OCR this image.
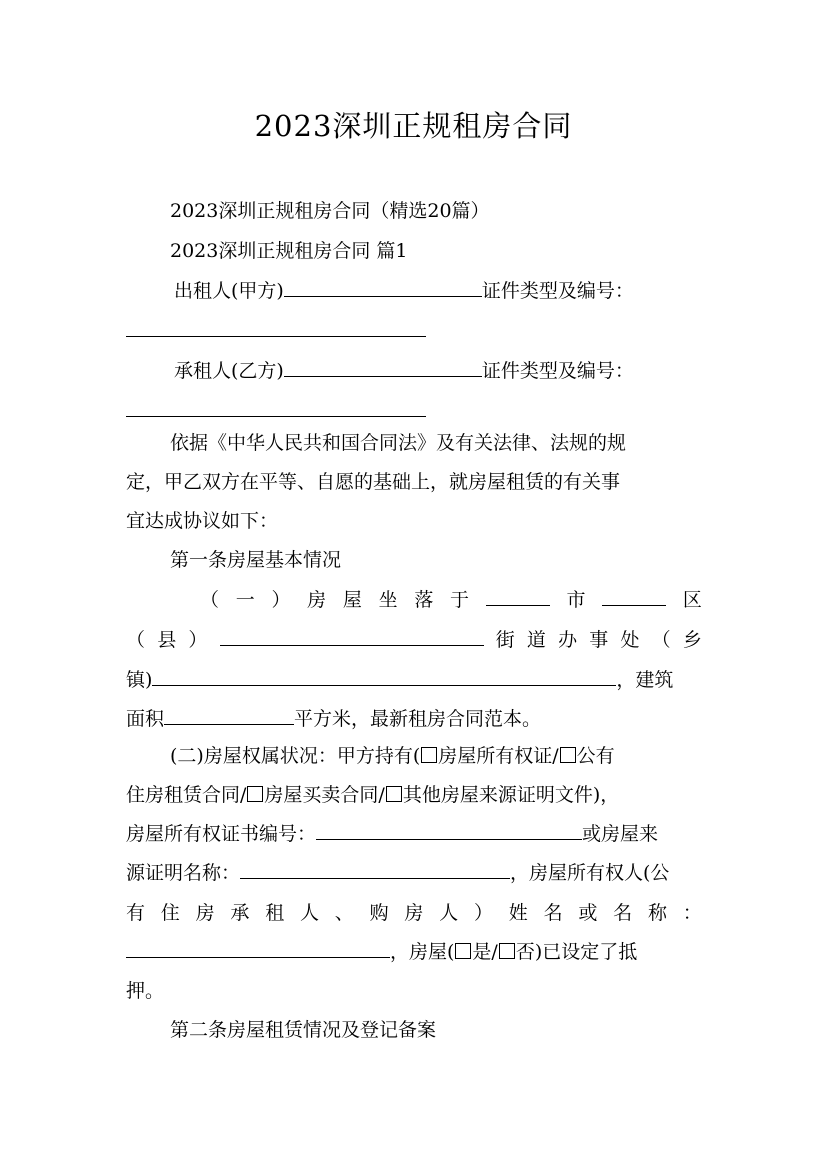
2023深圳正规租房合同
2023深圳正规租房合同（精选20篇）
2023深圳正规租房合同 篇1
出租人(甲方)	证件类型及编号：
承租人(乙方)	证件类型及编号：
依据《中华人民共和国合同法》及有关法律、法规的规
定，甲乙双方在平等、自愿的基础上，就房屋租赁的有关事
宜达成协议如下：
第一条房屋基本情况
（ 一 ） 房 屋 坐 落 于	市	区
（ 县 ）	街 道 办 事 处 （ 乡
镇)	，建筑
面积	平方米，最新租房合同范本。
(二)房屋权属状况：甲方持有( 房屋所有权证/ 公有
住房租赁合同/ 房屋买卖合同/ 其他房屋来源证明文件)，
房屋所有权证书编号：	或房屋来
源证明名称：	，房屋所有权人(公
有 住 房 承 租 人 、 购 房 人 ） 姓 名 或 名 称 ：
，房屋( 是/ 否)已设定了抵
押。
第二条房屋租赁情况及登记备案
